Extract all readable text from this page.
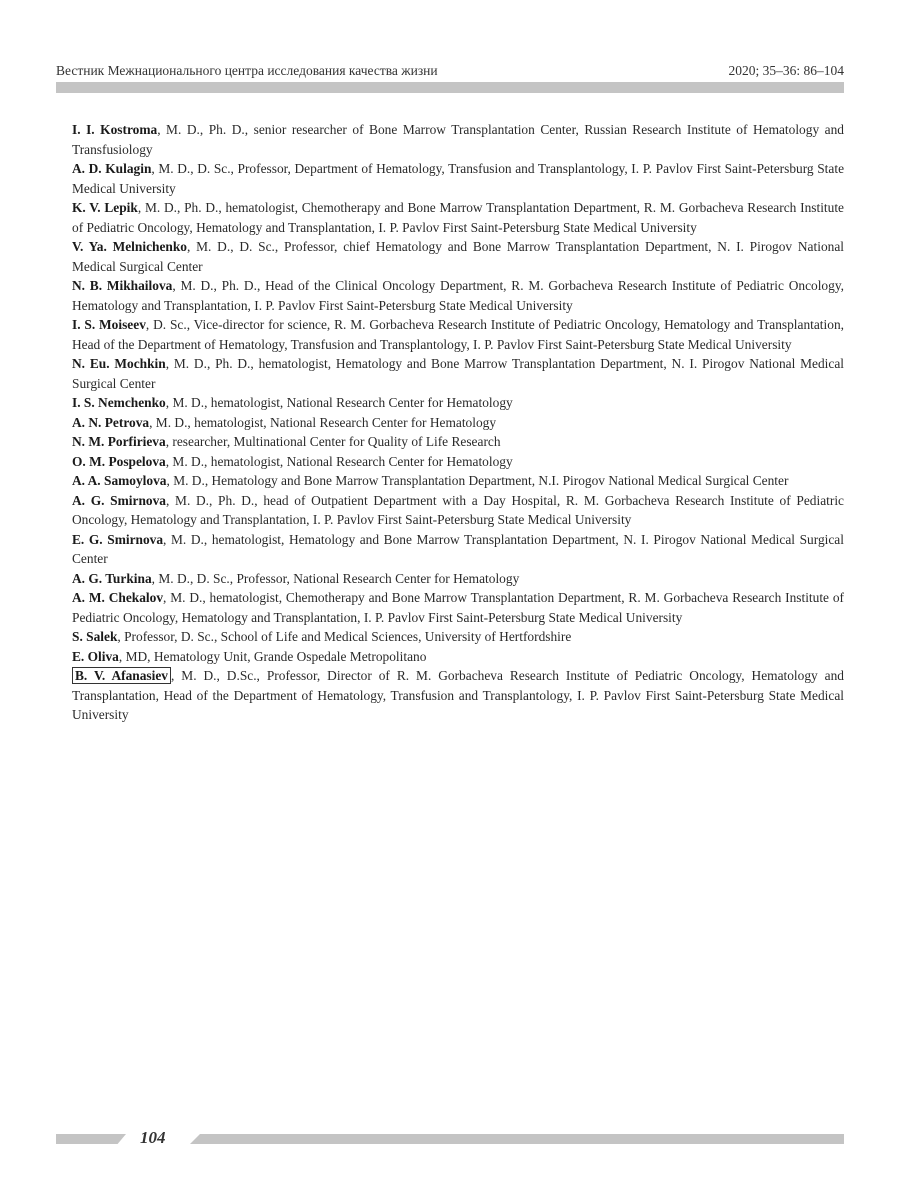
Вестник Межнационального центра исследования качества жизни	2020; 35–36: 86–104

I. I. Kostroma, M. D., Ph. D., senior researcher of Bone Marrow Transplantation Center, Russian Research Institute of Hematology and Transfusiology

A. D. Kulagin, M. D., D. Sc., Professor, Department of Hematology, Transfusion and Transplantology, I. P. Pavlov First Saint-Petersburg State Medical University

K. V. Lepik, M. D., Ph. D., hematologist, Chemotherapy and Bone Marrow Transplantation Department, R. M. Gorbacheva Research Institute of Pediatric Oncology, Hematology and Transplantation, I. P. Pavlov First Saint-Petersburg State Medical University

V. Ya. Melnichenko, M. D., D. Sc., Professor, chief Hematology and Bone Marrow Transplantation Department, N. I. Pirogov National Medical Surgical Center

N. B. Mikhailova, M. D., Ph. D., Head of the Clinical Oncology Department, R. M. Gorbacheva Research Institute of Pediatric Oncology, Hematology and Transplantation, I. P. Pavlov First Saint-Petersburg State Medical University

I. S. Moiseev, D. Sc., Vice-director for science, R. M. Gorbacheva Research Institute of Pediatric Oncology, Hematology and Transplantation, Head of the Department of Hematology, Transfusion and Transplantology, I. P. Pavlov First Saint-Petersburg State Medical University

N. Eu. Mochkin, M. D., Ph. D., hematologist, Hematology and Bone Marrow Transplantation Department, N. I. Pirogov National Medical Surgical Center

I. S. Nemchenko, M. D., hematologist, National Research Center for Hematology

A. N. Petrova, M. D., hematologist, National Research Center for Hematology

N. M. Porfirieva, researcher, Multinational Center for Quality of Life Research

O. M. Pospelova, M. D., hematologist, National Research Center for Hematology

A. A. Samoylova, M. D., Hematology and Bone Marrow Transplantation Department, N.I. Pirogov National Medical Surgical Center

A. G. Smirnova, M. D., Ph. D., head of Outpatient Department with a Day Hospital, R. M. Gorbacheva Research Institute of Pediatric Oncology, Hematology and Transplantation, I. P. Pavlov First Saint-Petersburg State Medical University

E. G. Smirnova, M. D., hematologist, Hematology and Bone Marrow Transplantation Department, N. I. Pirogov National Medical Surgical Center

A. G. Turkina, M. D., D. Sc., Professor, National Research Center for Hematology

A. M. Chekalov, M. D., hematologist, Chemotherapy and Bone Marrow Transplantation Department, R. M. Gorbacheva Research Institute of Pediatric Oncology, Hematology and Transplantation, I. P. Pavlov First Saint-Petersburg State Medical University

S. Salek, Professor, D. Sc., School of Life and Medical Sciences, University of Hertfordshire

E. Oliva, MD, Hematology Unit, Grande Ospedale Metropolitano

B. V. Afanasiev , M. D., D.Sc., Professor, Director of R. M. Gorbacheva Research Institute of Pediatric Oncology, Hematology and Transplantation, Head of the Department of Hematology, Transfusion and Transplantology, I. P. Pavlov First Saint-Petersburg State Medical University

104
